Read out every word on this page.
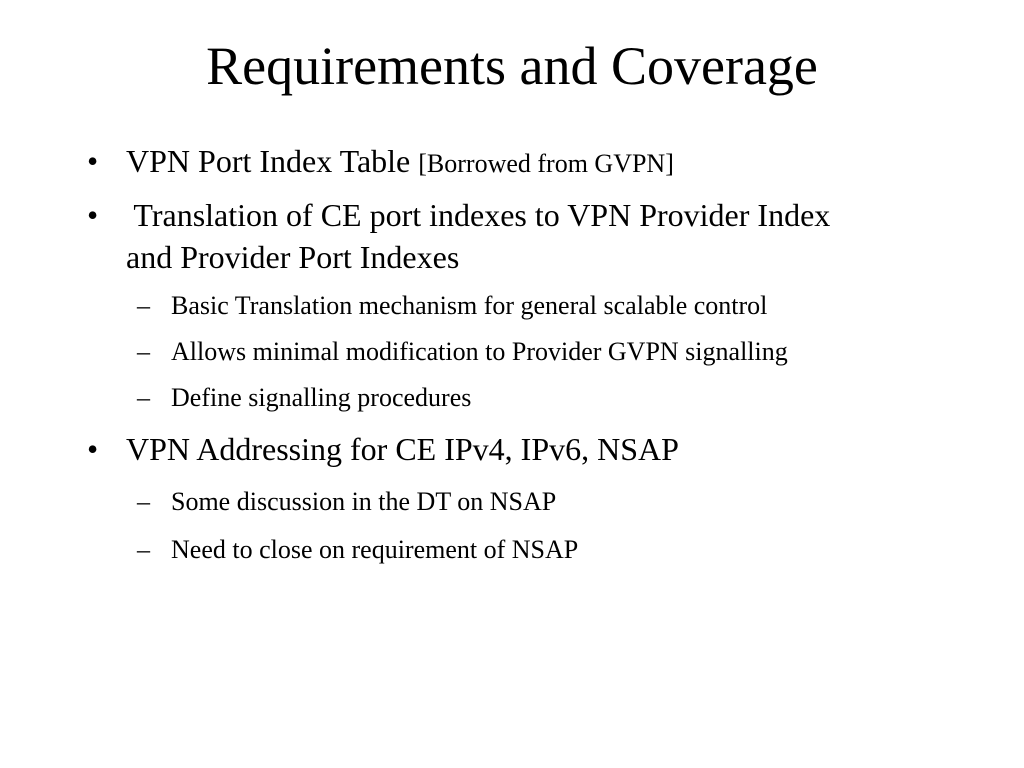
Requirements and Coverage
• VPN Port Index Table [Borrowed from GVPN]
• Translation of CE port indexes to VPN Provider Index
and Provider Port Indexes
– Basic Translation mechanism for general scalable control
– Allows minimal modification to Provider GVPN signalling
– Define signalling procedures
• VPN Addressing for CE IPv4, IPv6, NSAP
– Some discussion in the DT on NSAP
– Need to close on requirement of NSAP
